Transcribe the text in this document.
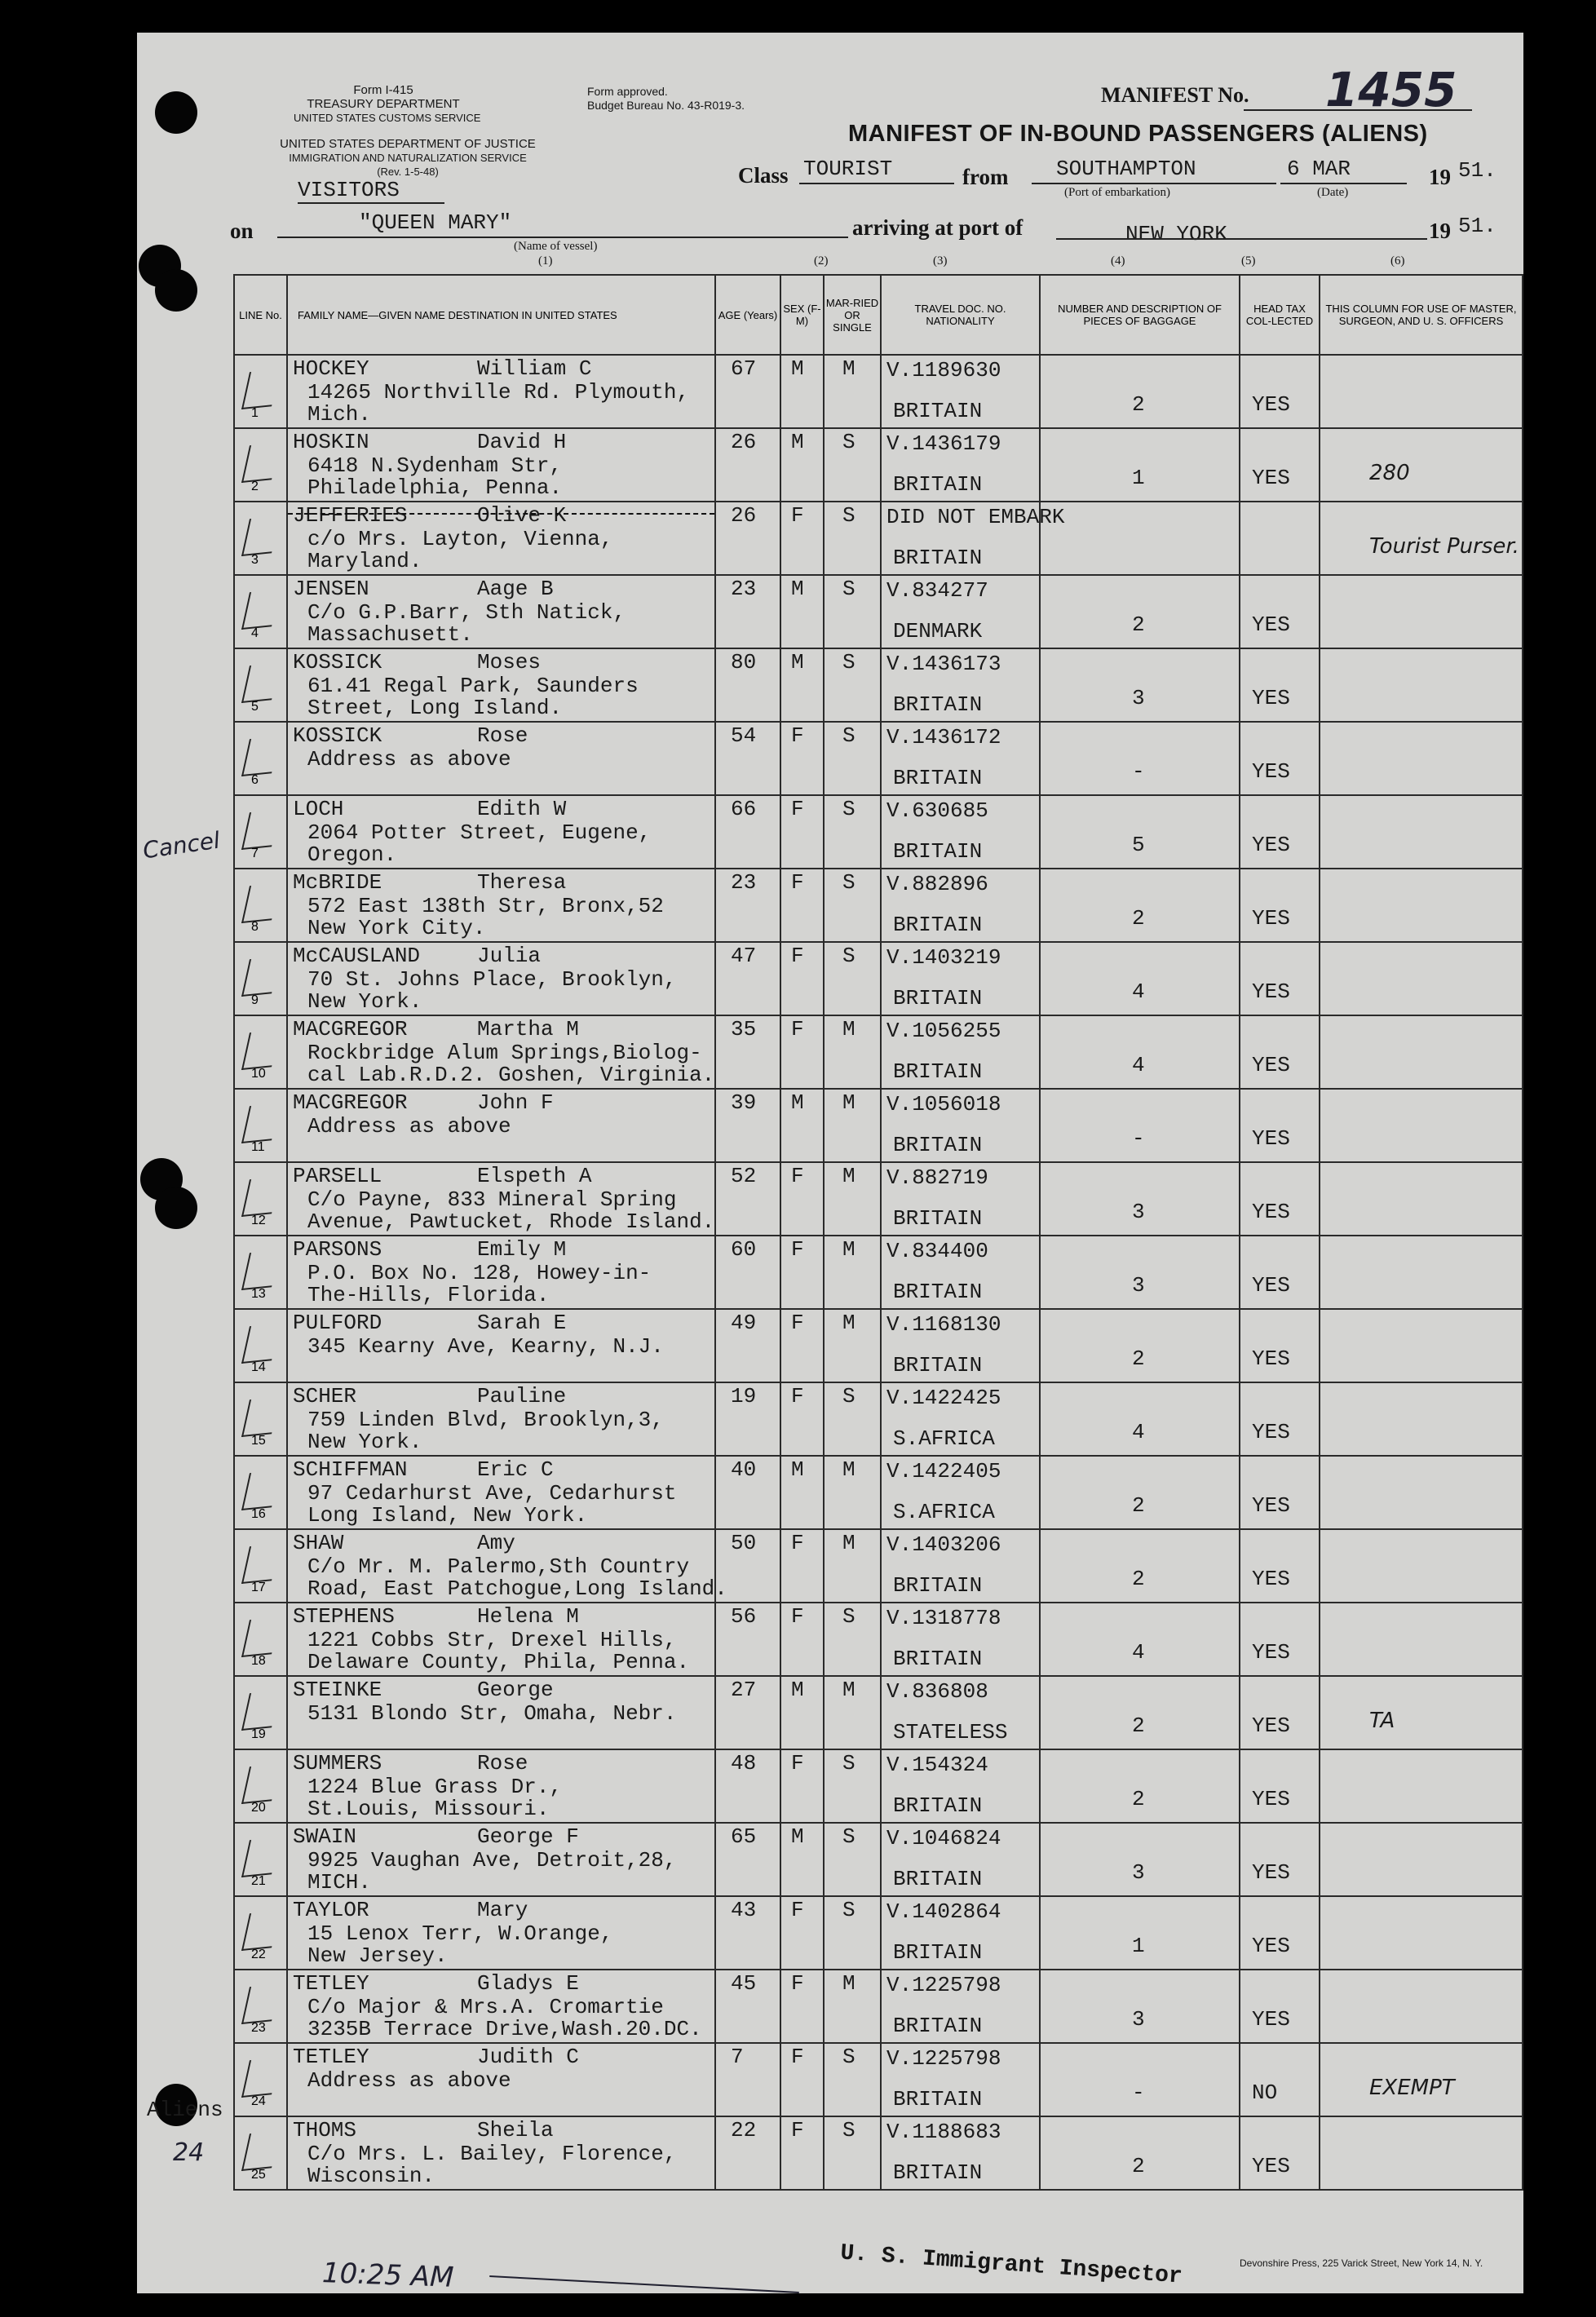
Form I-415
TREASURY DEPARTMENT
UNITED STATES CUSTOMS SERVICE
Form approved.
Budget Bureau No. 43-R019-3.
UNITED STATES DEPARTMENT OF JUSTICE
IMMIGRATION AND NATURALIZATION SERVICE
(Rev. 1-5-48)
VISITORS
MANIFEST No. 1455
MANIFEST OF IN-BOUND PASSENGERS (ALIENS)
Class TOURIST	from SOUTHAMPTON
(Port of embarkation)
6 MAR
(Date)
19 51.
on	"QUEEN MARY"
(Name of vessel)
arriving at port of	NEW YORK	19 51.
(1)	(2)	(3)	(4)	(5)	(6)
LINE No.	FAMILY NAME—GIVEN NAME DESTINATION IN UNITED STATES	AGE (Years)	SEX (F-M)	MAR-RIED OR SINGLE	TRAVEL DOC. NO. NATIONALITY	NUMBER AND DESCRIPTION OF PIECES OF BAGGAGE	HEAD TAX COL-LECTED	THIS COLUMN FOR USE OF MASTER, SURGEON, AND U. S. OFFICERS

1	HOCKEY William C
14265 Northville Rd. Plymouth,
Mich.	67	M	M	V.1189630
BRITAIN	2	YES	

2	HOSKIN David H
6418 N.Sydenham Str,
Philadelphia, Penna.	26	M	S	V.1436179
BRITAIN	1	YES	280

3	JEFFERIES Olive K
c/o Mrs. Layton, Vienna,
Maryland.	26	F	S	DID NOT EMBARK
BRITAIN			Tourist Purser.

4	JENSEN Aage B
C/o G.P.Barr, Sth Natick,
Massachusett.	23	M	S	V.834277
DENMARK	2	YES	

5	KOSSICK Moses
61.41 Regal Park, Saunders
Street, Long Island.	80	M	S	V.1436173
BRITAIN	3	YES	

6	KOSSICK Rose
Address as above	54	F	S	V.1436172
BRITAIN	-	YES	

7	LOCH Edith W
2064 Potter Street, Eugene,
Oregon.	66	F	S	V.630685
BRITAIN	5	YES	

8	McBRIDE Theresa
572 East 138th Str, Bronx,52
New York City.	23	F	S	V.882896
BRITAIN	2	YES	

9	McCAUSLAND Julia
70 St. Johns Place, Brooklyn,
New York.	47	F	S	V.1403219
BRITAIN	4	YES	

10	MACGREGOR Martha M
Rockbridge Alum Springs,Biolog-
cal Lab.R.D.2. Goshen, Virginia.	35	F	M	V.1056255
BRITAIN	4	YES	

11	MACGREGOR John F
Address as above	39	M	M	V.1056018
BRITAIN	-	YES	

12	PARSELL Elspeth A
C/o Payne, 833 Mineral Spring
Avenue, Pawtucket, Rhode Island.	52	F	M	V.882719
BRITAIN	3	YES	

13	PARSONS Emily M
P.O. Box No. 128, Howey-in-
The-Hills, Florida.	60	F	M	V.834400
BRITAIN	3	YES	

14	PULFORD Sarah E
345 Kearny Ave, Kearny, N.J.	49	F	M	V.1168130
BRITAIN	2	YES	

15	SCHER Pauline
759 Linden Blvd, Brooklyn,3,
New York.	19	F	S	V.1422425
S.AFRICA	4	YES	

16	SCHIFFMAN Eric C
97 Cedarhurst Ave, Cedarhurst
Long Island, New York.	40	M	M	V.1422405
S.AFRICA	2	YES	

17	SHAW Amy
C/o Mr. M. Palermo,Sth Country
Road, East Patchogue,Long Island.	50	F	M	V.1403206
BRITAIN	2	YES	

18	STEPHENS Helena M
1221 Cobbs Str, Drexel Hills,
Delaware County, Phila, Penna.	56	F	S	V.1318778
BRITAIN	4	YES	

19	STEINKE George
5131 Blondo Str, Omaha, Nebr.	27	M	M	V.836808
STATELESS	2	YES	TA

20	SUMMERS Rose
1224 Blue Grass Dr.,
St.Louis, Missouri.	48	F	S	V.154324
BRITAIN	2	YES	

21	SWAIN George F
9925 Vaughan Ave, Detroit,28,
MICH.	65	M	S	V.1046824
BRITAIN	3	YES	

22	TAYLOR Mary
15 Lenox Terr, W.Orange,
New Jersey.	43	F	S	V.1402864
BRITAIN	1	YES	

23	TETLEY Gladys E
C/o Major & Mrs.A. Cromartie
3235B Terrace Drive,Wash.20.DC.	45	F	M	V.1225798
BRITAIN	3	YES	

24	TETLEY Judith C
Address as above	7	F	S	V.1225798
BRITAIN	-	NO	EXEMPT

25	THOMS Sheila
C/o Mrs. L. Bailey, Florence,
Wisconsin.	22	F	S	V.1188683
BRITAIN	2	YES	

Cancel
Aliens
24
10:25 AM	U. S. Immigrant Inspector	Devonshire Press, 225 Varick Street, New York 14, N. Y.
